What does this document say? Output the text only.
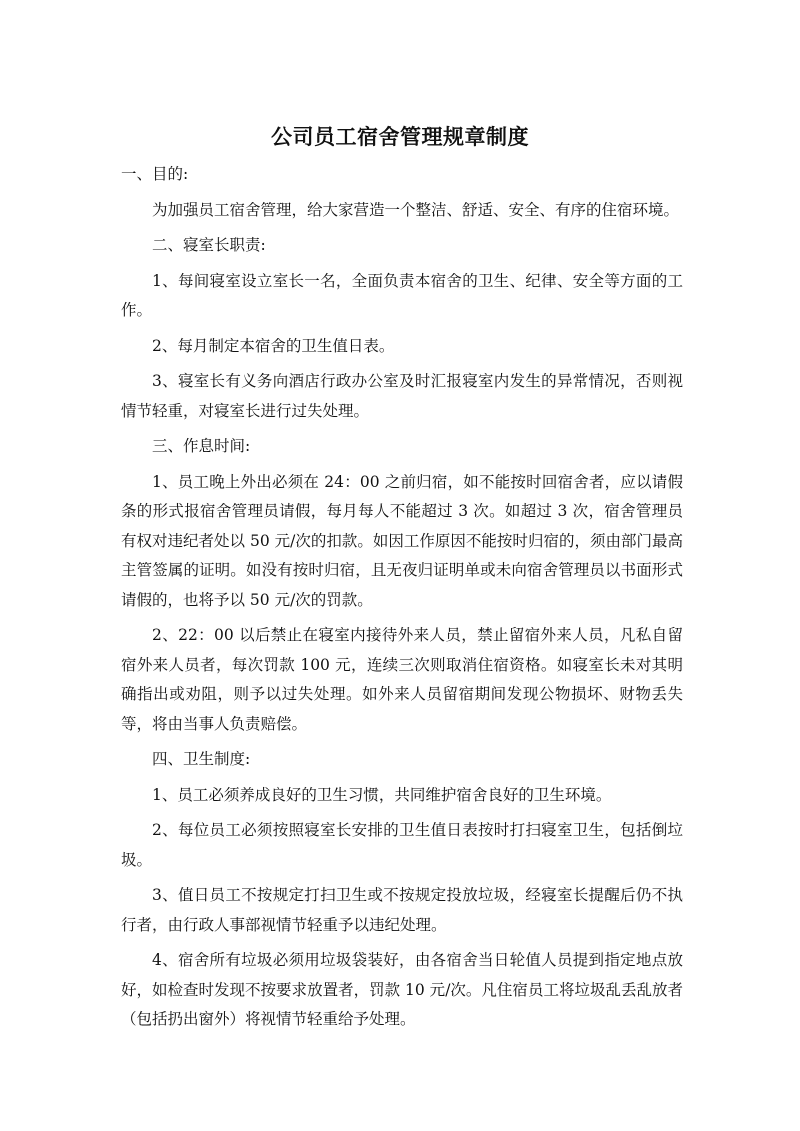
公司员工宿舍管理规章制度

一、目的:

为加强员工宿舍管理，给大家营造一个整洁、舒适、安全、有序的住宿环境。

二、寝室长职责:

1、每间寝室设立室长一名，全面负责本宿舍的卫生、纪律、安全等方面的工作。

2、每月制定本宿舍的卫生值日表。

3、寝室长有义务向酒店行政办公室及时汇报寝室内发生的异常情况，否则视情节轻重，对寝室长进行过失处理。

三、作息时间:

1、员工晚上外出必须在 24：00 之前归宿，如不能按时回宿舍者，应以请假条的形式报宿舍管理员请假，每月每人不能超过 3 次。如超过 3 次，宿舍管理员有权对违纪者处以 50 元/次的扣款。如因工作原因不能按时归宿的，须由部门最高主管签属的证明。如没有按时归宿，且无夜归证明单或未向宿舍管理员以书面形式请假的，也将予以 50 元/次的罚款。

2、22：00 以后禁止在寝室内接待外来人员，禁止留宿外来人员，凡私自留宿外来人员者，每次罚款 100 元，连续三次则取消住宿资格。如寝室长未对其明确指出或劝阻，则予以过失处理。如外来人员留宿期间发现公物损坏、财物丢失等，将由当事人负责赔偿。

四、卫生制度:

1、员工必须养成良好的卫生习惯，共同维护宿舍良好的卫生环境。

2、每位员工必须按照寝室长安排的卫生值日表按时打扫寝室卫生，包括倒垃圾。

3、值日员工不按规定打扫卫生或不按规定投放垃圾，经寝室长提醒后仍不执行者，由行政人事部视情节轻重予以违纪处理。

4、宿舍所有垃圾必须用垃圾袋装好，由各宿舍当日轮值人员提到指定地点放好，如检查时发现不按要求放置者，罚款 10 元/次。凡住宿员工将垃圾乱丢乱放者（包括扔出窗外）将视情节轻重给予处理。
